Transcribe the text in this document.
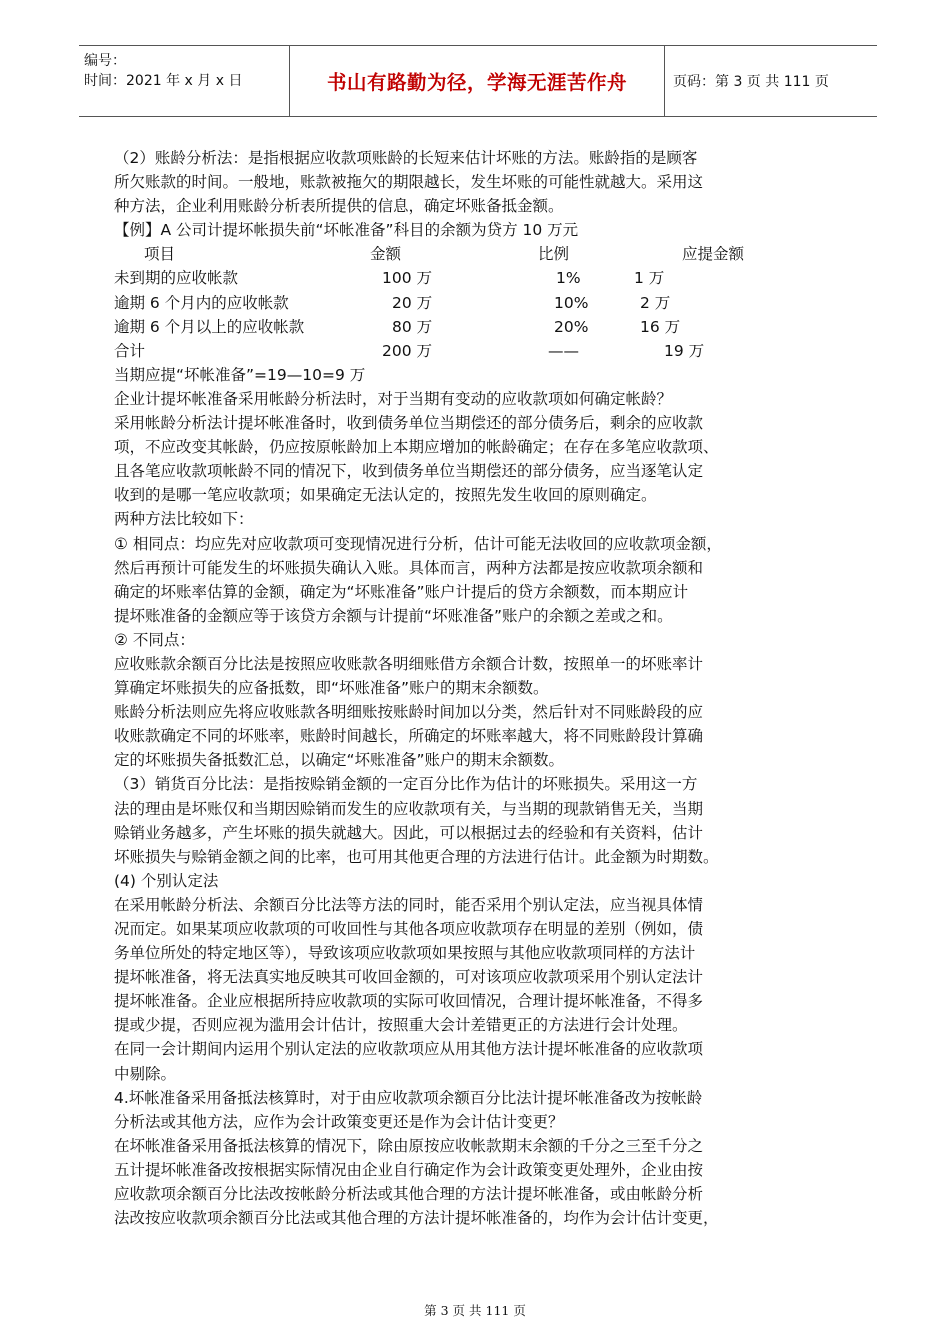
编号：
时间：2021 年 x 月 x 日	书山有路勤为径，学海无涯苦作舟	页码：第 3 页 共 111 页

（2）账龄分析法：是指根据应收款项账龄的长短来估计坏账的方法。账龄指的是顾客

所欠账款的时间。一般地，账款被拖欠的期限越长，发生坏账的可能性就越大。采用这

种方法，企业利用账龄分析表所提供的信息，确定坏账备抵金额。

【例】A 公司计提坏帐损失前“坏帐准备”科目的余额为贷方 10 万元

项目	金额	比例	应提金额
未到期的应收帐款	100 万	1%	1 万
逾期 6 个月内的应收帐款	20 万	10%	2 万
逾期 6 个月以上的应收帐款	80 万	20%	16 万
合计	200 万	——	19 万

当期应提“坏帐准备”=19—10=9 万

企业计提坏帐准备采用帐龄分析法时，对于当期有变动的应收款项如何确定帐龄？

采用帐龄分析法计提坏帐准备时，收到债务单位当期偿还的部分债务后，剩余的应收款

项，不应改变其帐龄，仍应按原帐龄加上本期应增加的帐龄确定；在存在多笔应收款项、

且各笔应收款项帐龄不同的情况下，收到债务单位当期偿还的部分债务，应当逐笔认定

收到的是哪一笔应收款项；如果确定无法认定的，按照先发生收回的原则确定。

两种方法比较如下：

① 相同点：均应先对应收款项可变现情况进行分析，估计可能无法收回的应收款项金额，

然后再预计可能发生的坏账损失确认入账。具体而言，两种方法都是按应收款项余额和

确定的坏账率估算的金额，确定为“坏账准备”账户计提后的贷方余额数，而本期应计

提坏账准备的金额应等于该贷方余额与计提前“坏账准备”账户的余额之差或之和。

② 不同点：

应收账款余额百分比法是按照应收账款各明细账借方余额合计数，按照单一的坏账率计

算确定坏账损失的应备抵数，即“坏账准备”账户的期末余额数。

账龄分析法则应先将应收账款各明细账按账龄时间加以分类，然后针对不同账龄段的应

收账款确定不同的坏账率，账龄时间越长，所确定的坏账率越大，将不同账龄段计算确

定的坏账损失备抵数汇总，以确定“坏账准备”账户的期末余额数。

（3）销货百分比法：是指按赊销金额的一定百分比作为估计的坏账损失。采用这一方

法的理由是坏账仅和当期因赊销而发生的应收款项有关，与当期的现款销售无关，当期

赊销业务越多，产生坏账的损失就越大。因此，可以根据过去的经验和有关资料，估计

坏账损失与赊销金额之间的比率，也可用其他更合理的方法进行估计。此金额为时期数。

(4) 个别认定法

在采用帐龄分析法、余额百分比法等方法的同时，能否采用个别认定法，应当视具体情

况而定。如果某项应收款项的可收回性与其他各项应收款项存在明显的差别（例如，债

务单位所处的特定地区等），导致该项应收款项如果按照与其他应收款项同样的方法计

提坏帐准备，将无法真实地反映其可收回金额的，可对该项应收款项采用个别认定法计

提坏帐准备。企业应根据所持应收款项的实际可收回情况，合理计提坏帐准备，不得多

提或少提，否则应视为滥用会计估计，按照重大会计差错更正的方法进行会计处理。

在同一会计期间内运用个别认定法的应收款项应从用其他方法计提坏帐准备的应收款项

中剔除。

4.坏帐准备采用备抵法核算时，对于由应收款项余额百分比法计提坏帐准备改为按帐龄

分析法或其他方法，应作为会计政策变更还是作为会计估计变更？

在坏帐准备采用备抵法核算的情况下，除由原按应收帐款期末余额的千分之三至千分之

五计提坏帐准备改按根据实际情况由企业自行确定作为会计政策变更处理外，企业由按

应收款项余额百分比法改按帐龄分析法或其他合理的方法计提坏帐准备，或由帐龄分析

法改按应收款项余额百分比法或其他合理的方法计提坏帐准备的，均作为会计估计变更，

第 3 页 共 111 页
